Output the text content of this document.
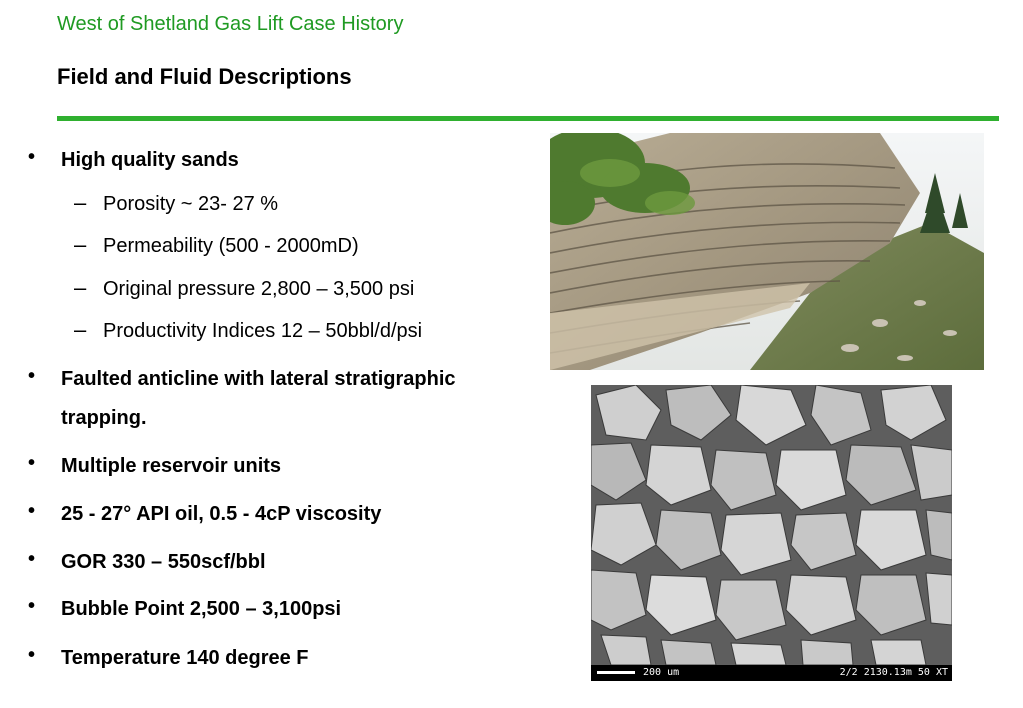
West of Shetland Gas Lift Case History
Field and Fluid Descriptions
• High quality sands
– Porosity ~ 23- 27 %
– Permeability (500 - 2000mD)
– Original pressure 2,800 – 3,500 psi
– Productivity Indices 12 – 50bbl/d/psi
• Faulted anticline with lateral stratigraphic
trapping.
• Multiple reservoir units
• 25 - 27° API oil, 0.5 - 4cP viscosity
• GOR 330 – 550scf/bbl
• Bubble Point 2,500 – 3,100psi
• Temperature 140 degree F
200 um	2/2 2130.13m 50 XT
